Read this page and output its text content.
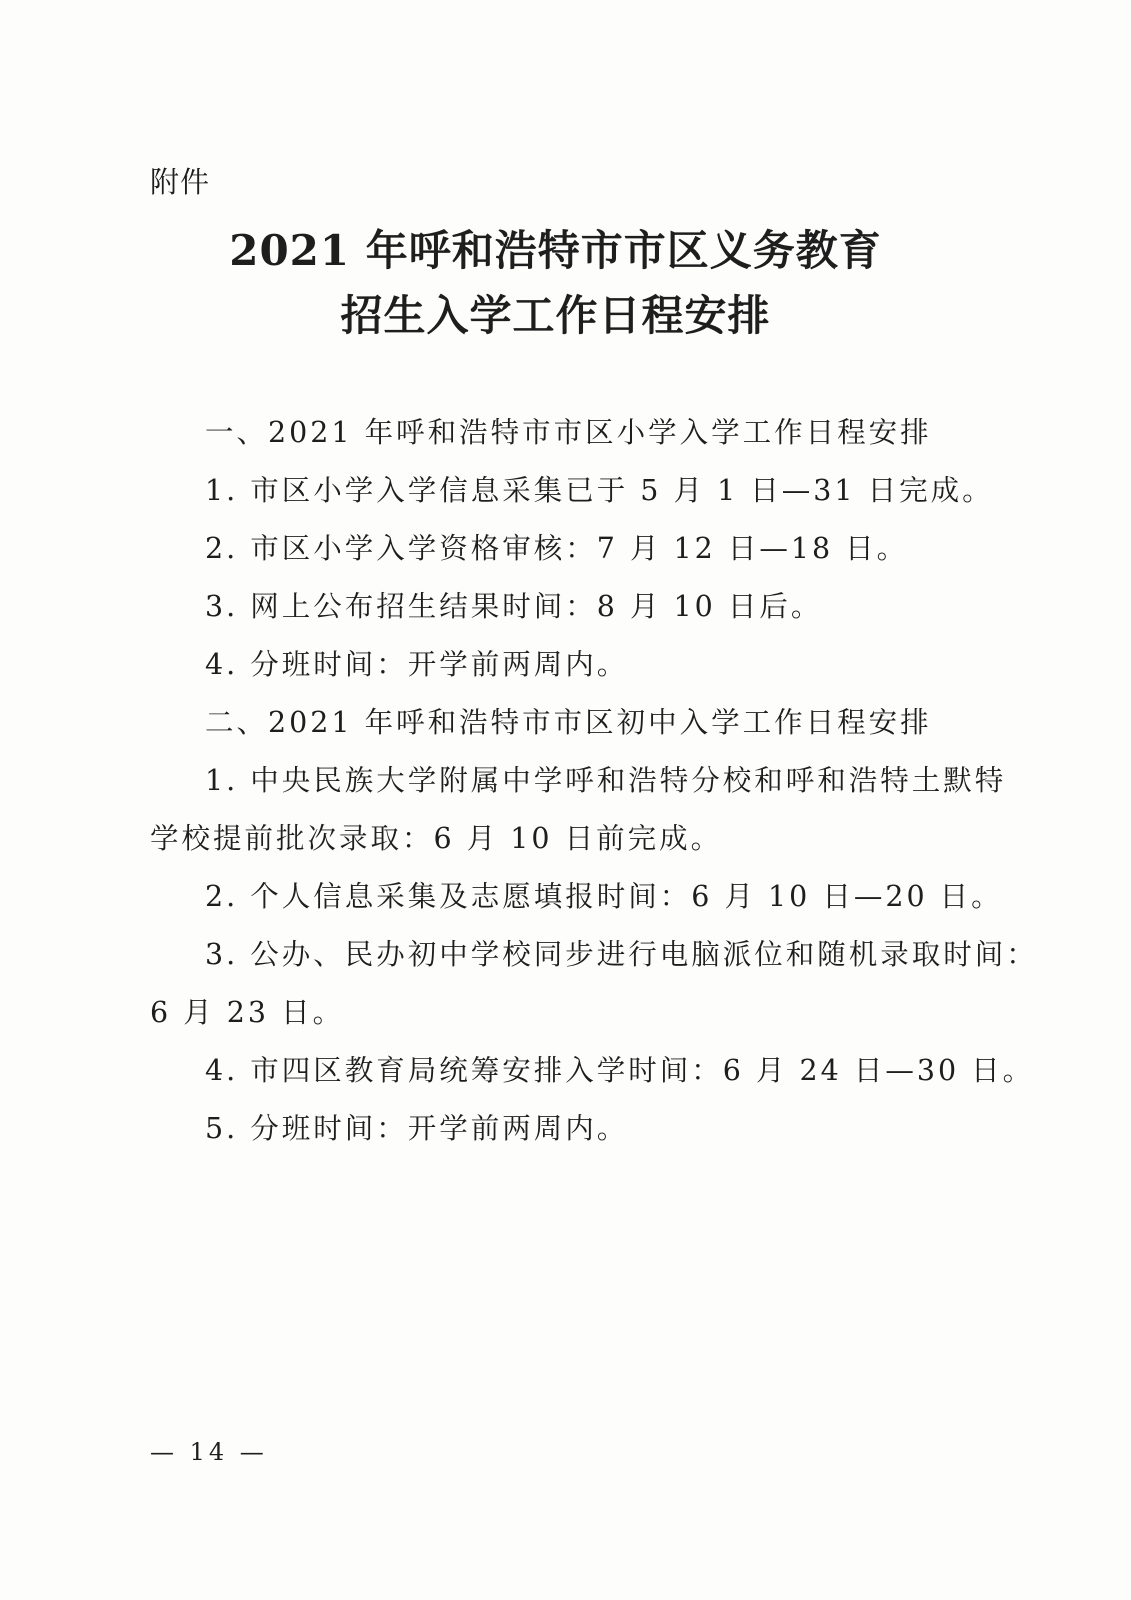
附件
2021 年呼和浩特市市区义务教育
招生入学工作日程安排
一、2021 年呼和浩特市市区小学入学工作日程安排
1. 市区小学入学信息采集已于 5 月 1 日—31 日完成。
2. 市区小学入学资格审核：7 月 12 日—18 日。
3. 网上公布招生结果时间：8 月 10 日后。
4. 分班时间：开学前两周内。
二、2021 年呼和浩特市市区初中入学工作日程安排
1. 中央民族大学附属中学呼和浩特分校和呼和浩特土默特
学校提前批次录取：6 月 10 日前完成。
2. 个人信息采集及志愿填报时间：6 月 10 日—20 日。
3. 公办、民办初中学校同步进行电脑派位和随机录取时间：
6 月 23 日。
4. 市四区教育局统筹安排入学时间：6 月 24 日—30 日。
5. 分班时间：开学前两周内。
— 14 —
